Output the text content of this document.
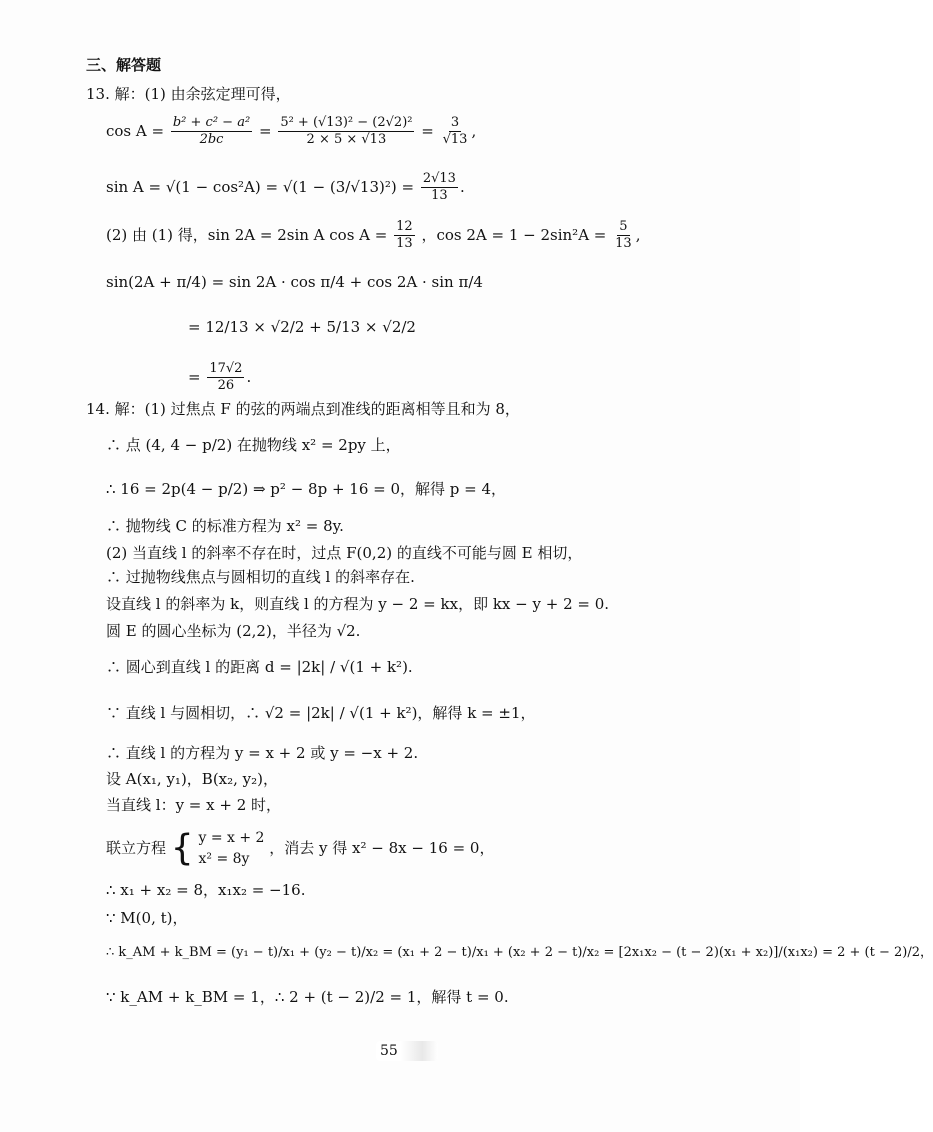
三、解答题
13. 解：(1) 由余弦定理可得，
$\cos A = \frac{\text{b² + c² − a²}}{2bc} = \frac{\text{5² + (√13)² − (2√2)²}}{2 \times 5 \times √13} = \frac{3}{√13}$ ,
$\sin A = √(1 - \cos^2A) = √(1 - (3/√13)^2) = \frac{2√13}{13}$ .
(2) 由 (1) 得，sin 2A = 2sin A $\cos A = \frac{12}{13}$ ，$\cos 2A = 1 - 2\sin^2A = \frac{5}{13}$ ,
sin(2A + π/4) = sin 2A · cos π/4 + cos 2A · sin π/4
= 12/13 × √2/2 + 5/13 × √2/2
= $\frac{17√2}{26}$ .
14. 解：(1) 过焦点 F 的弦的两端点到准线的距离相等且和为 8，
∴ 点 (4, 4 − p/2) 在抛物线 x² = 2py 上，
∴ 16 = 2p(4 − p/2) ⇒ p² − 8p + 16 = 0，解得 p = 4，
∴ 抛物线 C 的标准方程为 x² = 8y.
(2) 当直线 l 的斜率不存在时，过点 F(0,2) 的直线不可能与圆 E 相切，
∴ 过抛物线焦点与圆相切的直线 l 的斜率存在.
设直线 l 的斜率为 k，则直线 l 的方程为 y − 2 = kx，即 kx − y + 2 = 0.
圆 E 的圆心坐标为 (2,2)，半径为 √2.
∴ 圆心到直线 l 的距离 d = |2k| / √(1 + k²).
∵ 直线 l 与圆相切，∴ √2 = |2k| / √(1 + k²)，解得 k = ±1，
∴ 直线 l 的方程为 y = x + 2 或 y = −x + 2.
设 A(x₁, y₁)，B(x₂, y₂)，
当直线 l：y = x + 2 时，
联立方程 { y = x + 2
x² = 8y
，消去 y 得 x² − 8x − 16 = 0，
∴ x₁ + x₂ = 8，x₁x₂ = −16.
∵ M(0, t)，
∴ k_AM + k_BM = (y₁ − t)/x₁ + (y₂ − t)/x₂ = (x₁ + 2 − t)/x₁ + (x₂ + 2 − t)/x₂ = [2x₁x₂ − (t − 2)(x₁ + x₂)]/(x₁x₂) = 2 + (t − 2)/2，
∵ k_AM + k_BM = 1，∴ 2 + (t − 2)/2 = 1，解得 t = 0.
55
